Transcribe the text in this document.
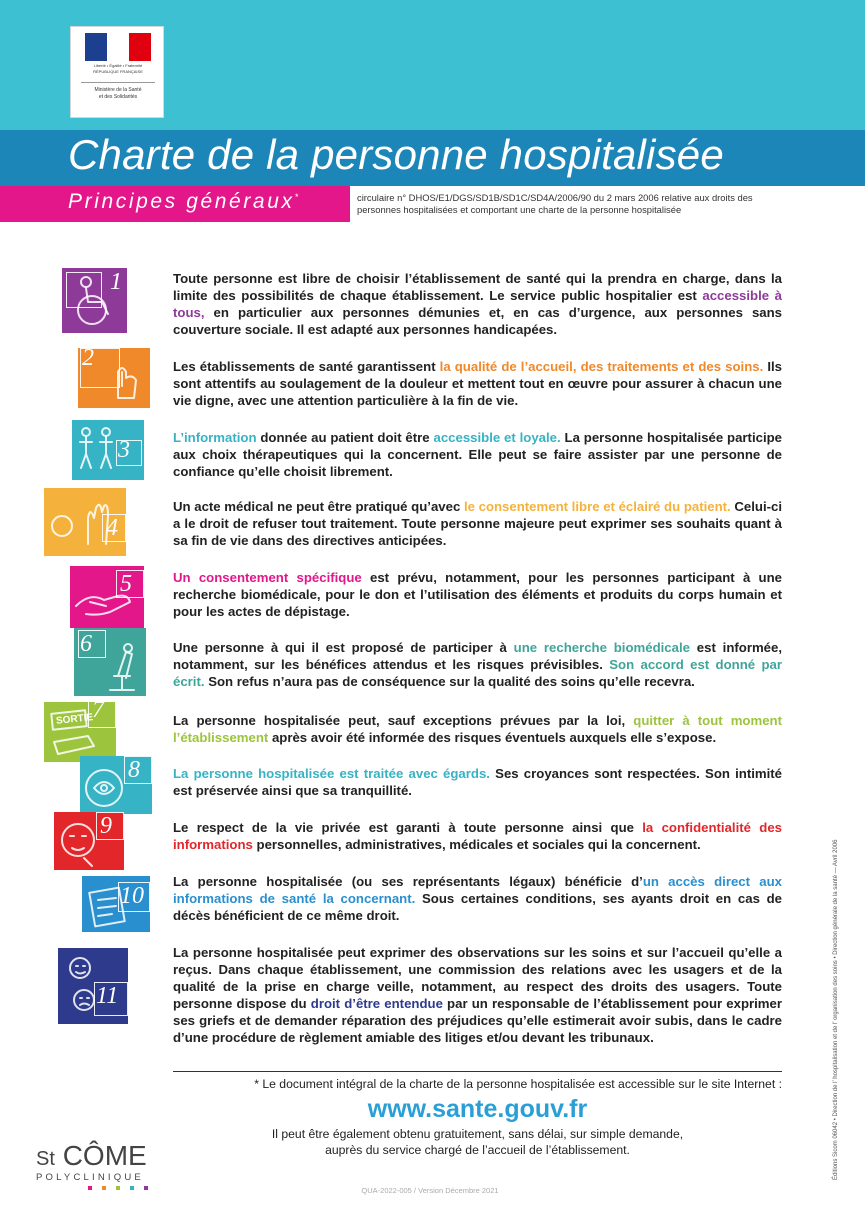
Liberté • Égalité • Fraternité
RÉPUBLIQUE FRANÇAISE
Ministère de la Santé
et des Solidarités
Charte de la personne hospitalisée
Principes généraux*	circulaire n° DHOS/E1/DGS/SD1B/SD1C/SD4A/2006/90 du 2 mars 2006 relative aux droits des personnes hospitalisées et comportant une charte de la personne hospitalisée
1	Toute personne est libre de choisir l’établissement de santé qui la prendra en charge, dans la limite des possibilités de chaque établissement. Le service public hospitalier est accessible à tous, en particulier aux personnes démunies et, en cas d’urgence, aux personnes sans couverture sociale. Il est adapté aux personnes handicapées.
2	Les établissements de santé garantissent la qualité de l’accueil, des traitements et des soins. Ils sont attentifs au soulagement de la douleur et mettent tout en œuvre pour assurer à chacun une vie digne, avec une attention particulière à la fin de vie.
3	L’information donnée au patient doit être accessible et loyale. La personne hospitalisée participe aux choix thérapeutiques qui la concernent. Elle peut se faire assister par une personne de confiance qu’elle choisit librement.
4
Un acte médical ne peut être pratiqué qu’avec le consentement libre et éclairé du patient. Celui-ci a le droit de refuser tout traitement. Toute personne majeure peut exprimer ses souhaits quant à sa fin de vie dans des directives anticipées.
5	Un consentement spécifique est prévu, notamment, pour les personnes participant à une recherche biomédicale, pour le don et l’utilisation des éléments et produits du corps humain et pour les actes de dépistage.
6	Une personne à qui il est proposé de participer à une recherche biomédicale est informée, notamment, sur les bénéfices attendus et les risques prévisibles. Son accord est donné par écrit. Son refus n’aura pas de conséquence sur la qualité des soins qu’elle recevra.
SORTIE
7	La personne hospitalisée peut, sauf exceptions prévues par la loi, quitter à tout moment l’établissement après avoir été informée des risques éventuels auxquels elle s’expose.
8	La personne hospitalisée est traitée avec égards. Ses croyances sont respectées. Son intimité est préservée ainsi que sa tranquillité.
9	Le respect de la vie privée est garanti à toute personne ainsi que la confidentialité des informations personnelles, administratives, médicales et sociales qui la concernent.
10
La personne hospitalisée (ou ses représentants légaux) bénéficie d’un accès direct aux informations de santé la concernant. Sous certaines conditions, ses ayants droit en cas de décès bénéficient de ce même droit.
11
La personne hospitalisée peut exprimer des observations sur les soins et sur l’accueil qu’elle a reçus. Dans chaque établissement, une commission des relations avec les usagers et de la qualité de la prise en charge veille, notamment, au respect des droits des usagers. Toute personne dispose du droit d’être entendue par un responsable de l’établissement pour exprimer ses griefs et de demander réparation des préjudices qu’elle estimerait avoir subis, dans le cadre d’une procédure de règlement amiable des litiges et/ou devant les tribunaux.
* Le document intégral de la charte de la personne hospitalisée est accessible sur le site Internet :
www.sante.gouv.fr
Il peut être également obtenu gratuitement, sans délai, sur simple demande,
auprès du service chargé de l’accueil de l’établissement.
St CÔME
POLYCLINIQUE
QUA-2022-005 / Version Décembre 2021
Éditions Sicom 06042 • Direction de l’ hospitalisation et de l’ organisation des soins • Direction générale de la santé — Avril 2006
